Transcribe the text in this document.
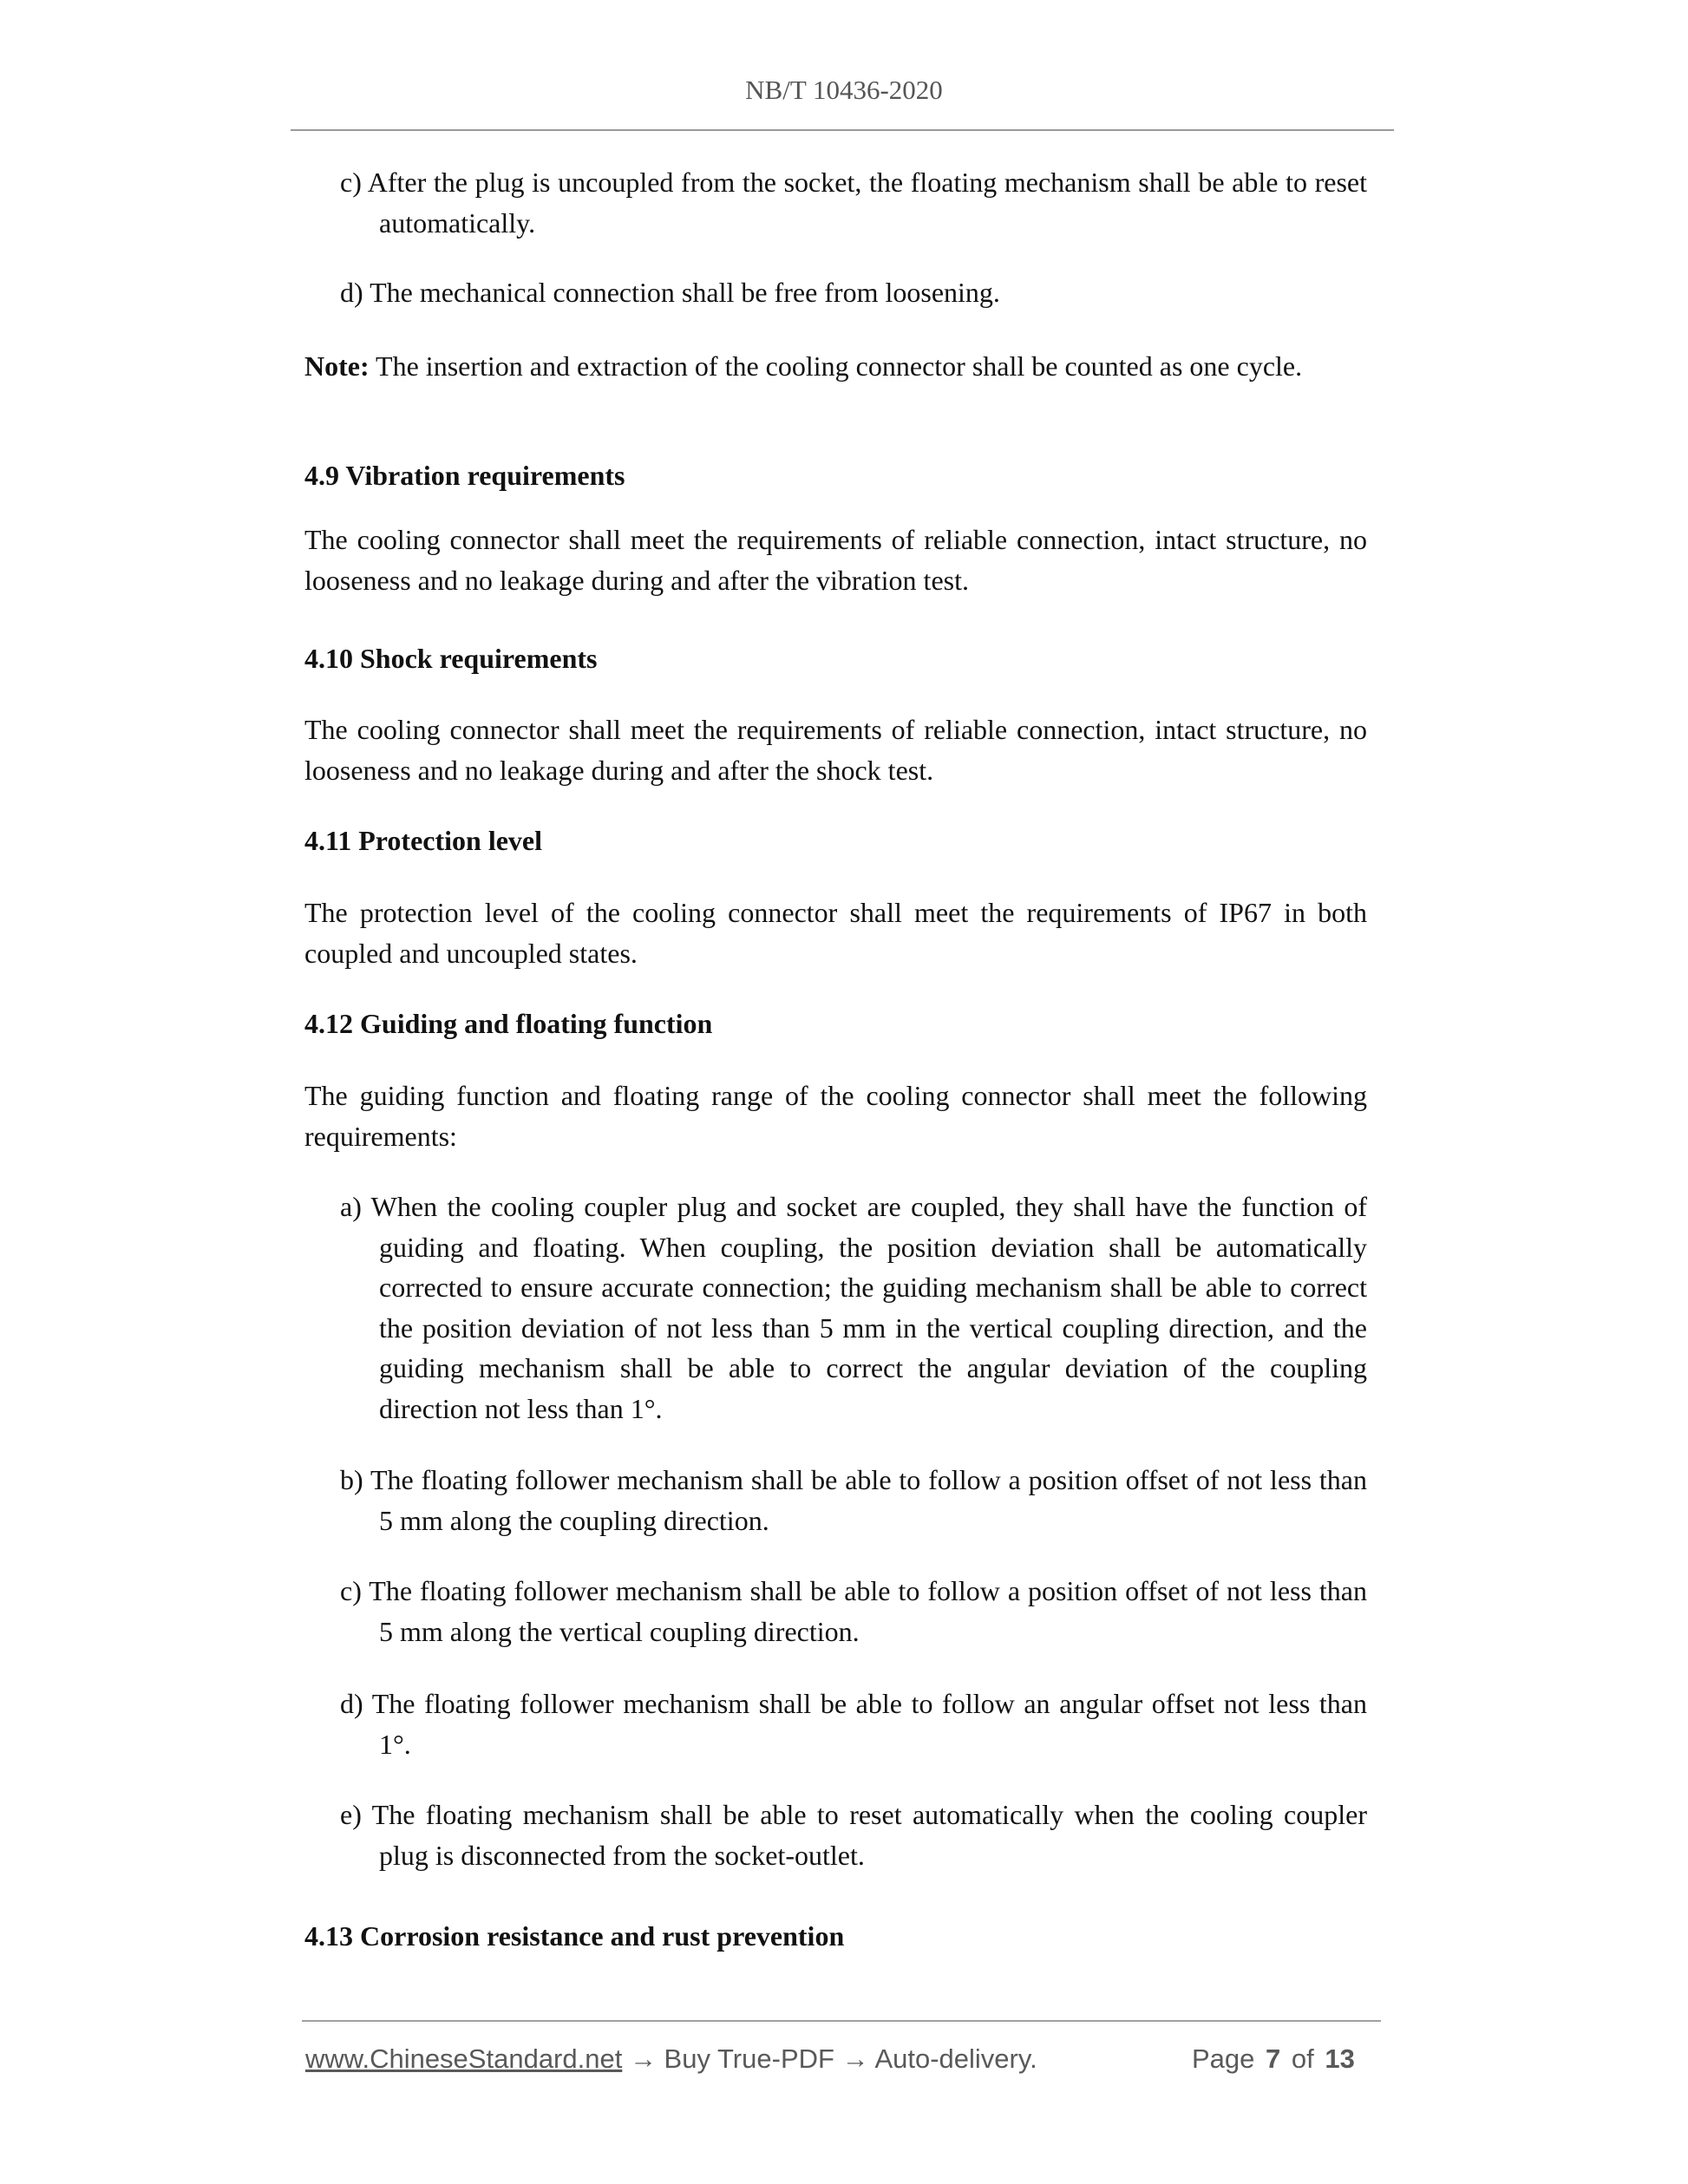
NB/T 10436-2020

c) After the plug is uncoupled from the socket, the floating mechanism shall be able to reset automatically.

d) The mechanical connection shall be free from loosening.

Note: The insertion and extraction of the cooling connector shall be counted as one cycle.

4.9 Vibration requirements

The cooling connector shall meet the requirements of reliable connection, intact structure, no looseness and no leakage during and after the vibration test.

4.10 Shock requirements

The cooling connector shall meet the requirements of reliable connection, intact structure, no looseness and no leakage during and after the shock test.

4.11 Protection level

The protection level of the cooling connector shall meet the requirements of IP67 in both coupled and uncoupled states.

4.12 Guiding and floating function

The guiding function and floating range of the cooling connector shall meet the following requirements:

a) When the cooling coupler plug and socket are coupled, they shall have the function of guiding and floating. When coupling, the position deviation shall be automatically corrected to ensure accurate connection; the guiding mechanism shall be able to correct the position deviation of not less than 5 mm in the vertical coupling direction, and the guiding mechanism shall be able to correct the angular deviation of the coupling direction not less than 1°.

b) The floating follower mechanism shall be able to follow a position offset of not less than 5 mm along the coupling direction.

c) The floating follower mechanism shall be able to follow a position offset of not less than 5 mm along the vertical coupling direction.

d) The floating follower mechanism shall be able to follow an angular offset not less than 1°.

e) The floating mechanism shall be able to reset automatically when the cooling coupler plug is disconnected from the socket-outlet.

4.13 Corrosion resistance and rust prevention

www.ChineseStandard.net → Buy True-PDF → Auto-delivery.	Page 7 of 13
